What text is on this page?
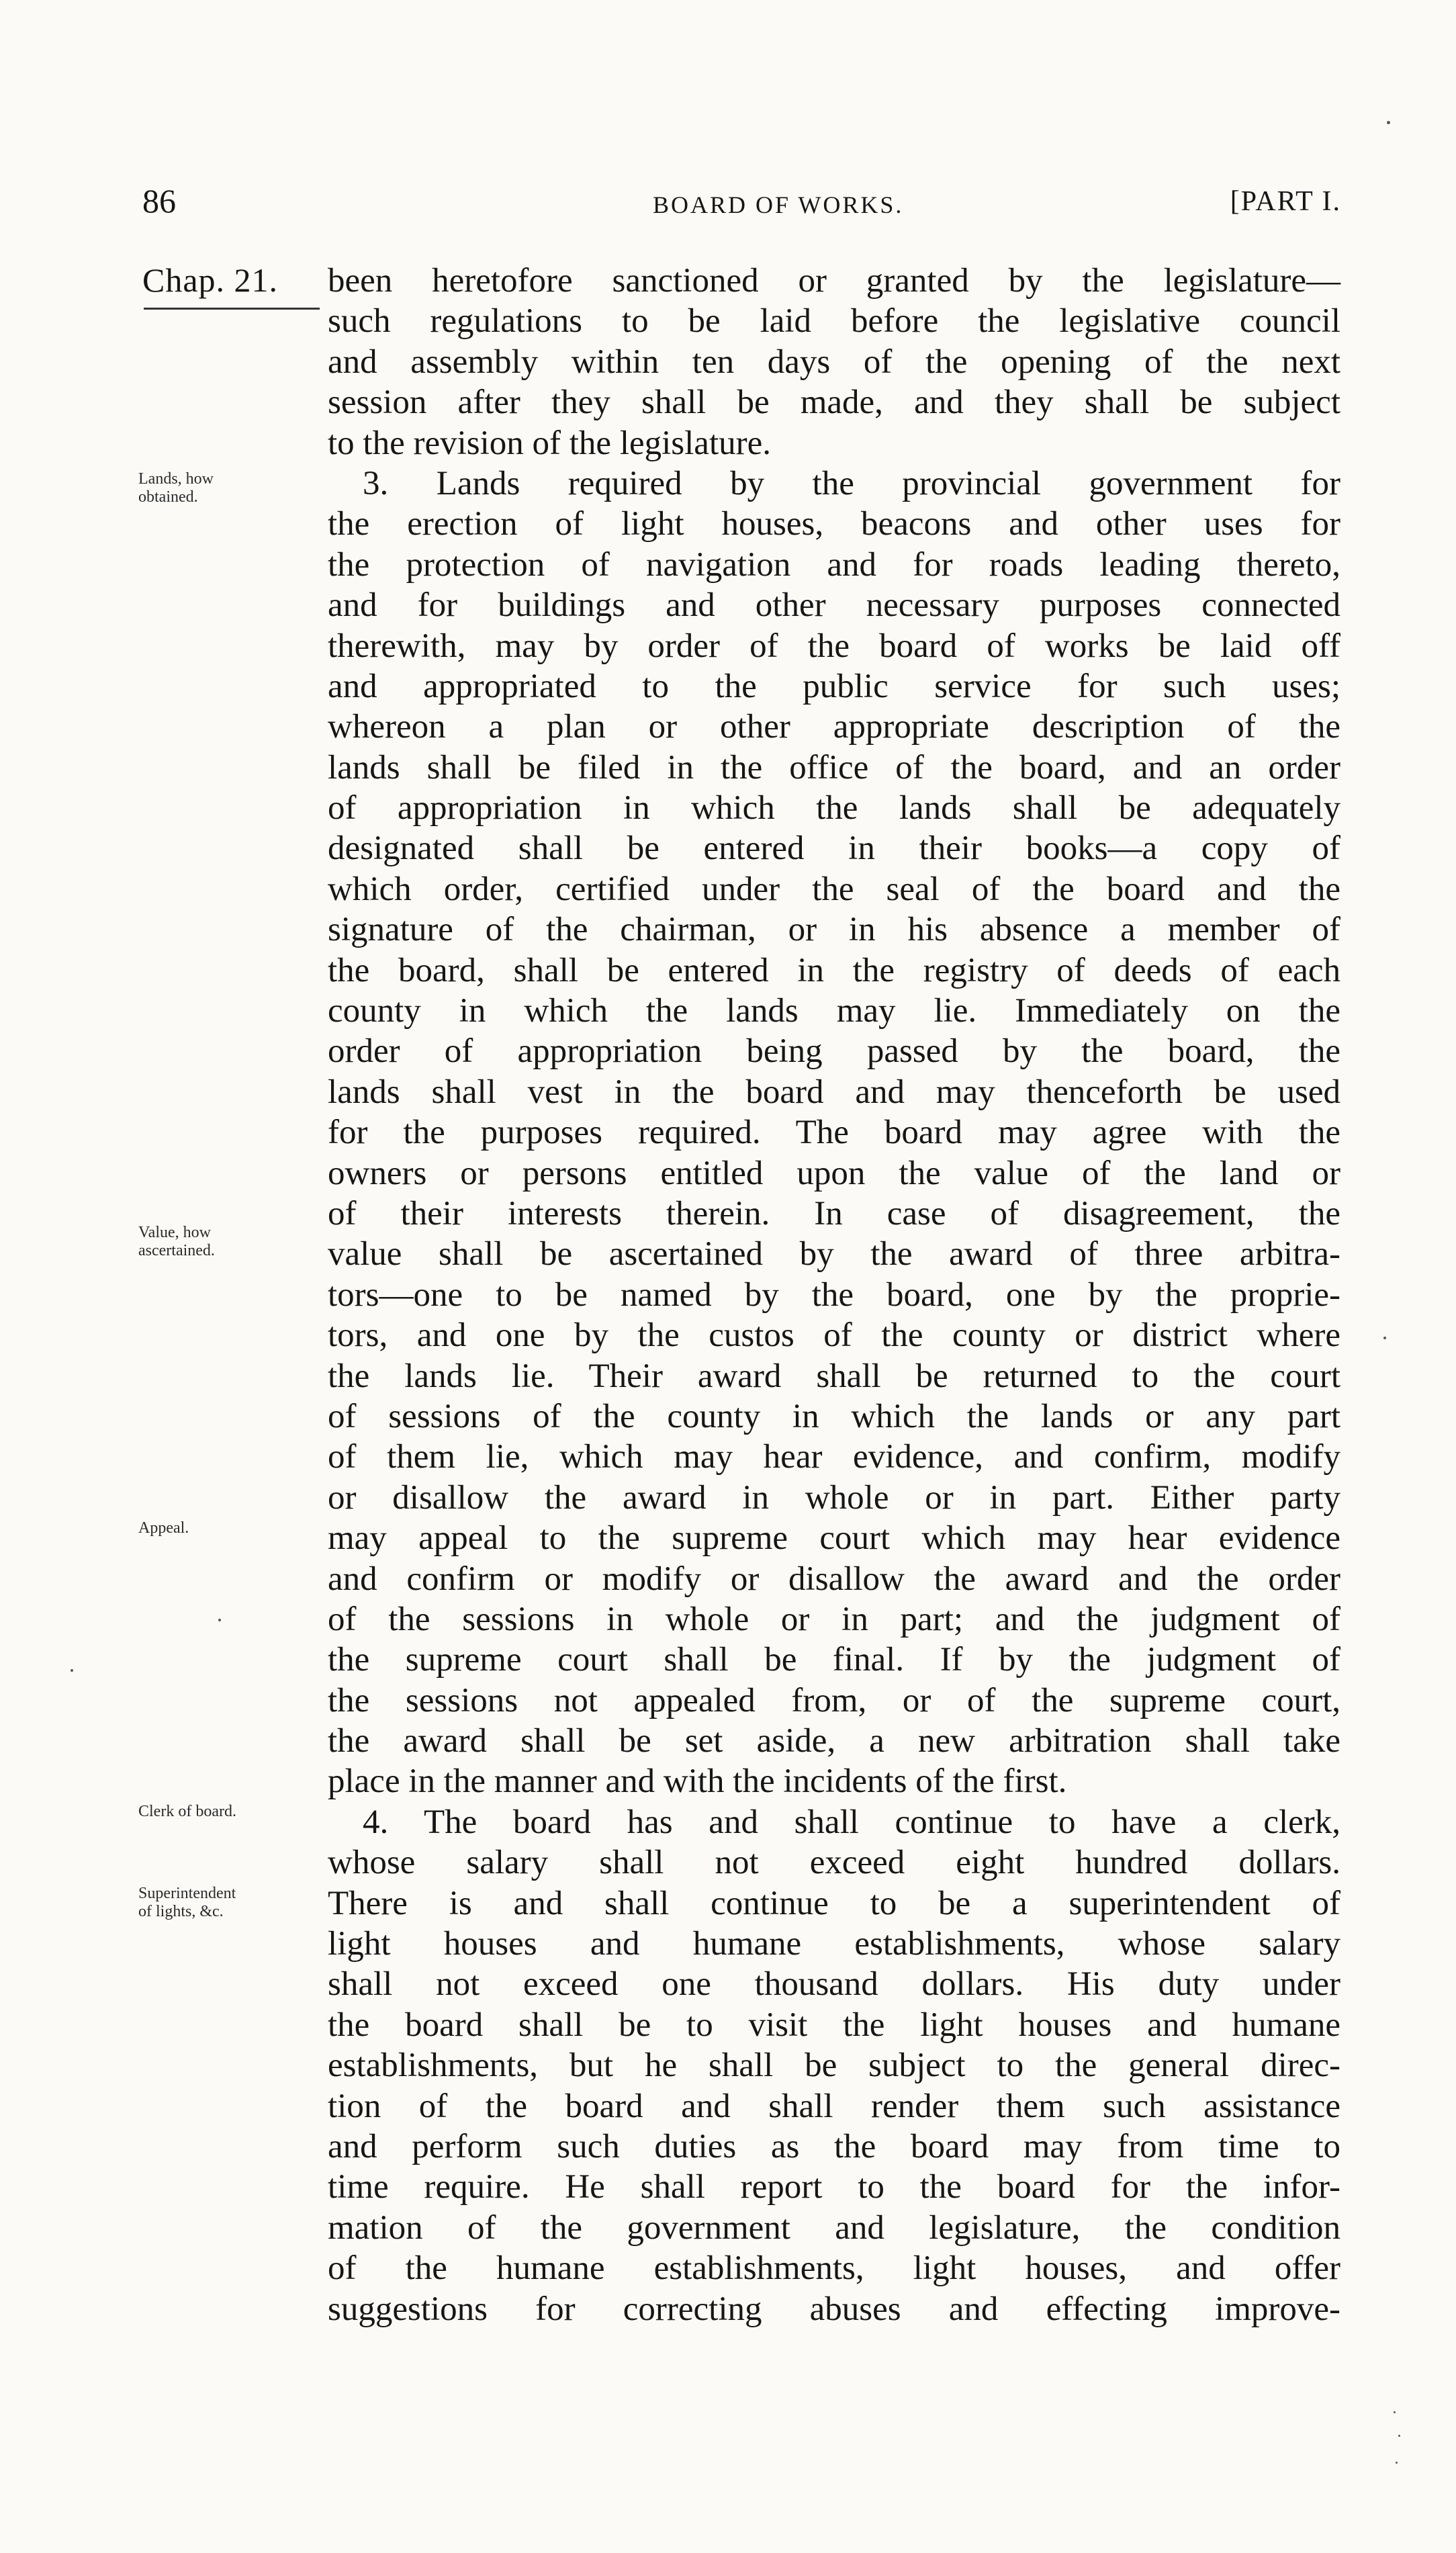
86	BOARD OF WORKS.	[PART I.
Chap. 21.
Lands, how
obtained.
Value, how
ascertained.
Appeal.
Clerk of board.
Superintendent
of lights, &c.
been heretofore sanctioned or granted by the legislature—
such regulations to be laid before the legislative council
and assembly within ten days of the opening of the next
session after they shall be made, and they shall be subject
to the revision of the legislature.
3. Lands required by the provincial government for
the erection of light houses, beacons and other uses for
the protection of navigation and for roads leading thereto,
and for buildings and other necessary purposes connected
therewith, may by order of the board of works be laid off
and appropriated to the public service for such uses;
whereon a plan or other appropriate description of the
lands shall be filed in the office of the board, and an order
of appropriation in which the lands shall be adequately
designated shall be entered in their books—a copy of
which order, certified under the seal of the board and the
signature of the chairman, or in his absence a member of
the board, shall be entered in the registry of deeds of each
county in which the lands may lie. Immediately on the
order of appropriation being passed by the board, the
lands shall vest in the board and may thenceforth be used
for the purposes required. The board may agree with the
owners or persons entitled upon the value of the land or
of their interests therein. In case of disagreement, the
value shall be ascertained by the award of three arbitra-
tors—one to be named by the board, one by the proprie-
tors, and one by the custos of the county or district where
the lands lie. Their award shall be returned to the court
of sessions of the county in which the lands or any part
of them lie, which may hear evidence, and confirm, modify
or disallow the award in whole or in part. Either party
may appeal to the supreme court which may hear evidence
and confirm or modify or disallow the award and the order
of the sessions in whole or in part; and the judgment of
the supreme court shall be final. If by the judgment of
the sessions not appealed from, or of the supreme court,
the award shall be set aside, a new arbitration shall take
place in the manner and with the incidents of the first.
4. The board has and shall continue to have a clerk,
whose salary shall not exceed eight hundred dollars.
There is and shall continue to be a superintendent of
light houses and humane establishments, whose salary
shall not exceed one thousand dollars. His duty under
the board shall be to visit the light houses and humane
establishments, but he shall be subject to the general direc-
tion of the board and shall render them such assistance
and perform such duties as the board may from time to
time require. He shall report to the board for the infor-
mation of the government and legislature, the condition
of the humane establishments, light houses, and offer
suggestions for correcting abuses and effecting improve-
